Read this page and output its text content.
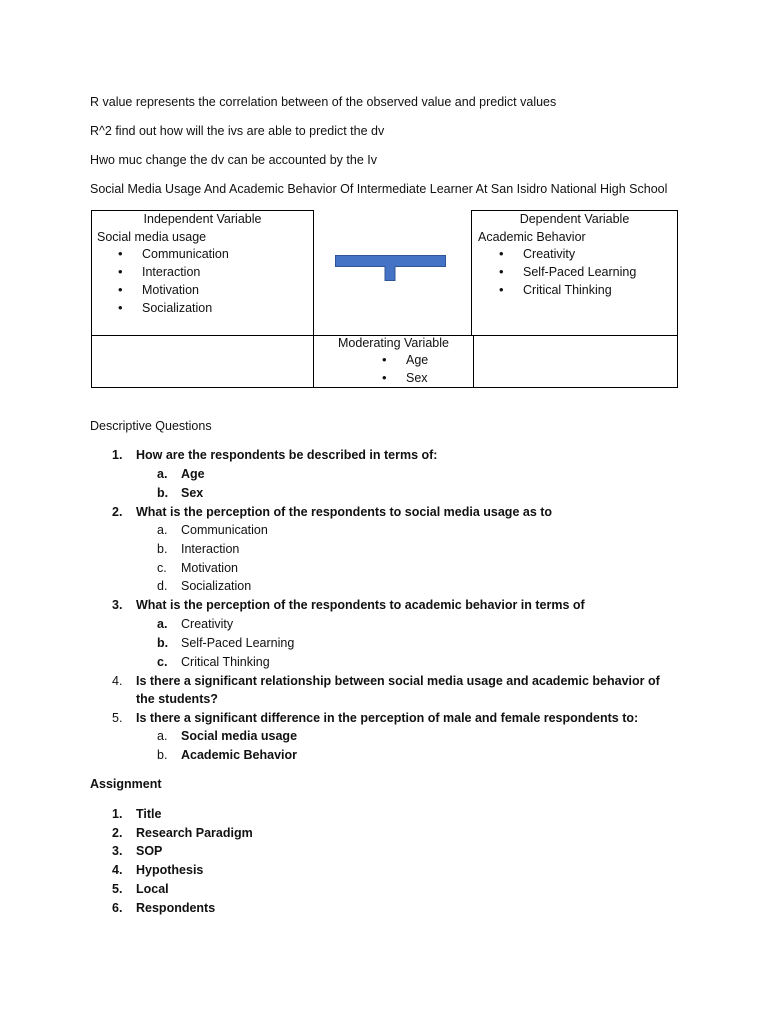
R value represents the correlation between of the observed value and predict values
R^2 find out how will the ivs are able to predict the dv
Hwo muc change the dv can be accounted by the Iv
Social Media Usage And Academic Behavior Of Intermediate Learner At San Isidro National High School
Independent Variable
Social media usage
• Communication
• Interaction
• Motivation
• Socialization
Dependent Variable
Academic Behavior
• Creativity
• Self-Paced Learning
• Critical Thinking
Moderating Variable
• Age
• Sex
Descriptive Questions
1. How are the respondents be described in terms of:
a. Age
b. Sex
2. What is the perception of the respondents to social media usage as to
a. Communication
b. Interaction
c. Motivation
d. Socialization
3. What is the perception of the respondents to academic behavior in terms of
a. Creativity
b. Self-Paced Learning
c. Critical Thinking
4. Is there a significant relationship between social media usage and academic behavior of the students?
5. Is there a significant difference in the perception of male and female respondents to:
a. Social media usage
b. Academic Behavior
Assignment
1. Title
2. Research Paradigm
3. SOP
4. Hypothesis
5. Local
6. Respondents
